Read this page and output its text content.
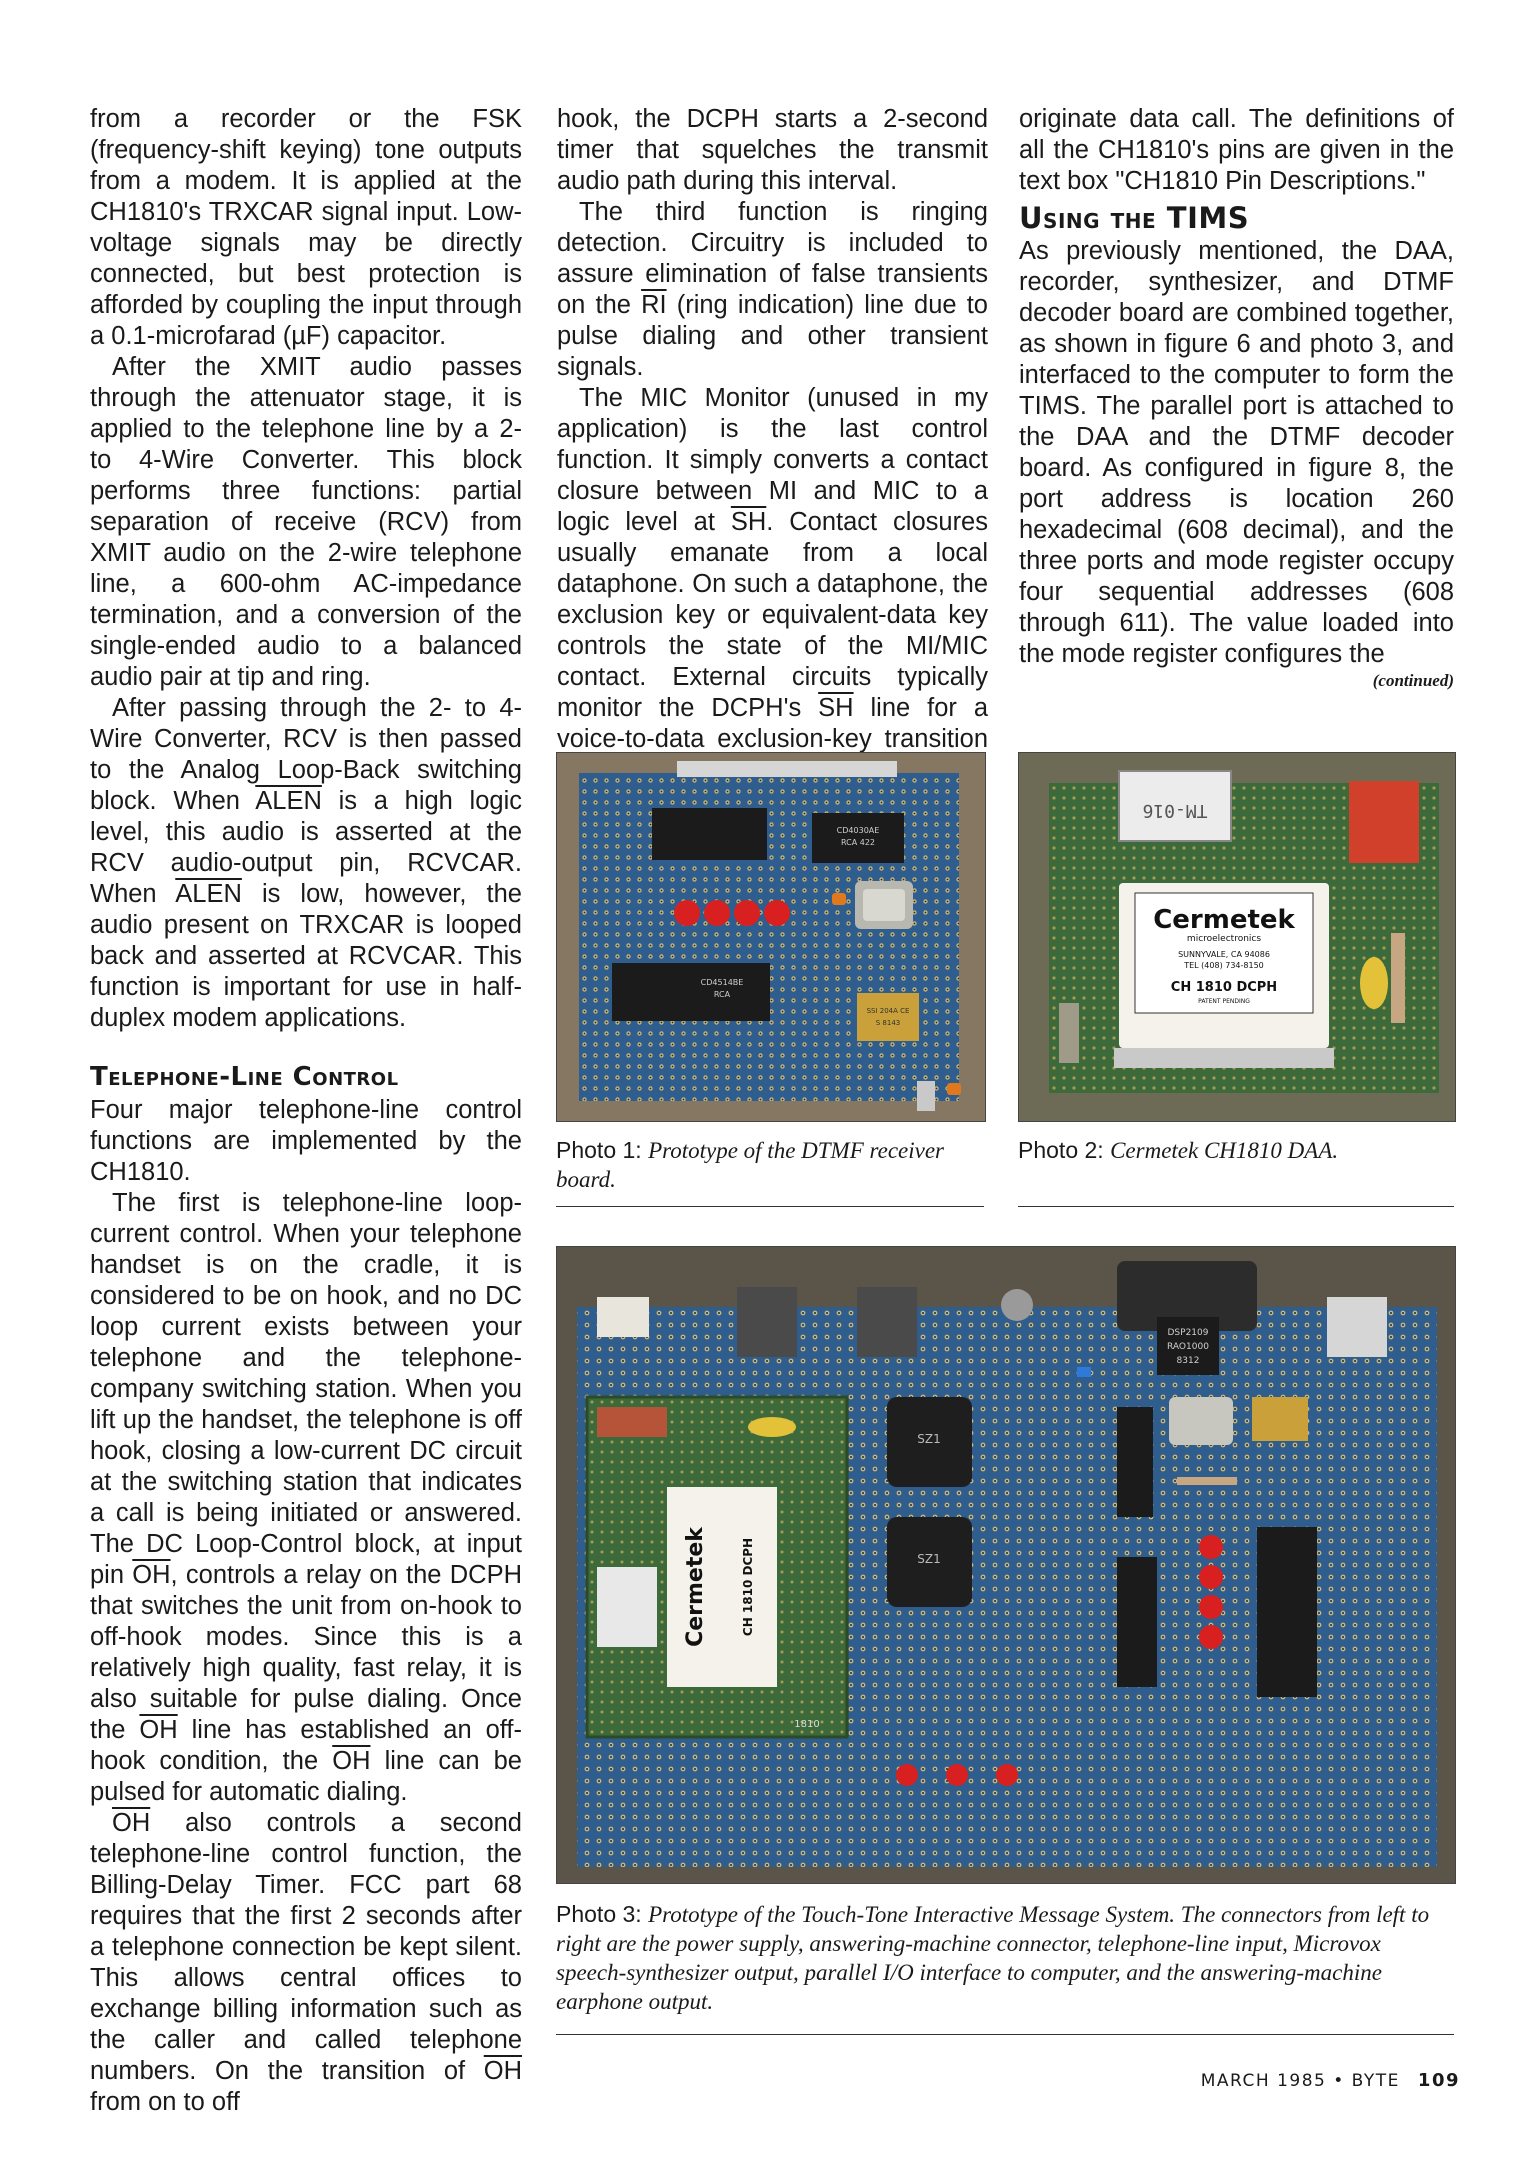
from a recorder or the FSK (frequency-shift keying) tone outputs from a modem. It is applied at the CH1810's TRXCAR signal input. Low-voltage signals may be directly connected, but best protection is afforded by coupling the input through a 0.1-microfarad (µF) capacitor.

After the XMIT audio passes through the attenuator stage, it is applied to the telephone line by a 2- to 4-Wire Converter. This block performs three functions: partial separation of receive (RCV) from XMIT audio on the 2-wire telephone line, a 600-ohm AC-impedance termination, and a conversion of the single-ended audio to a balanced audio pair at tip and ring.

After passing through the 2- to 4-Wire Converter, RCV is then passed to the Analog Loop-Back switching block. When ALEN is a high logic level, this audio is asserted at the RCV audio-output pin, RCVCAR. When ALEN is low, however, the audio present on TRXCAR is looped back and asserted at RCVCAR. This function is important for use in half-duplex modem applications.

Telephone-Line Control

Four major telephone-line control functions are implemented by the CH1810.

The first is telephone-line loop-current control. When your telephone handset is on the cradle, it is considered to be on hook, and no DC loop current exists between your telephone and the telephone-company switching station. When you lift up the handset, the telephone is off hook, closing a low-current DC circuit at the switching station that indicates a call is being initiated or answered. The DC Loop-Control block, at input pin $\overline{OH}$, controls a relay on the DCPH that switches the unit from on-hook to off-hook modes. Since this is a relatively high quality, fast relay, it is also suitable for pulse dialing. Once the $\overline{OH}$ line has established an off-hook condition, the $\overline{OH}$ line can be pulsed for automatic dialing.

$\overline{OH}$ also controls a second telephone-line control function, the Billing-Delay Timer. FCC part 68 requires that the first 2 seconds after a telephone connection be kept silent. This allows central offices to exchange billing information such as the caller and called telephone numbers. On the transition of $\overline{OH}$ from on to off

hook, the DCPH starts a 2-second timer that squelches the transmit audio path during this interval.

The third function is ringing detection. Circuitry is included to assure elimination of false transients on the $\overline{RI}$ (ring indication) line due to pulse dialing and other transient signals.

The MIC Monitor (unused in my application) is the last control function. It simply converts a contact closure between MI and MIC to a logic level at $\overline{SH}$. Contact closures usually emanate from a local dataphone. On such a dataphone, the exclusion key or equivalent-data key controls the state of the MI/MIC contact. External circuits typically monitor the DCPH's $\overline{SH}$ line for a voice-to-data exclusion-key transition

originate data call. The definitions of all the CH1810's pins are given in the text box "CH1810 Pin Descriptions."

Using the TIMS

As previously mentioned, the DAA, recorder, synthesizer, and DTMF decoder board are combined together, as shown in figure 6 and photo 3, and interfaced to the computer to form the TIMS. The parallel port is attached to the DAA and the DTMF decoder board. As configured in figure 8, the port address is location 260 hexadecimal (608 decimal), and the three ports and mode register occupy four sequential addresses (608 through 611). The value loaded into the mode register configures the

(continued)
CD4030AE
RCA 422
CD4514BE
RCA
SSI 204A CE
S 8143
Photo 1: Prototype of the DTMF receiver board.
TM-016
Cermetek
microelectronics
SUNNYVALE, CA 94086
TEL (408) 734-8150
CH 1810 DCPH
PATENT PENDING
Photo 2: Cermetek CH1810 DAA.
DSP2109
RAO1000
8312
Cermetek	CH 1810 DCPH
1810
SZ1
SZ1
Photo 3: Prototype of the Touch-Tone Interactive Message System. The connectors from left to right are the power supply, answering-machine connector, telephone-line input, Microvox speech-synthesizer output, parallel I/O interface to computer, and the answering-machine earphone output.
MARCH 1985 • BYTE 109
